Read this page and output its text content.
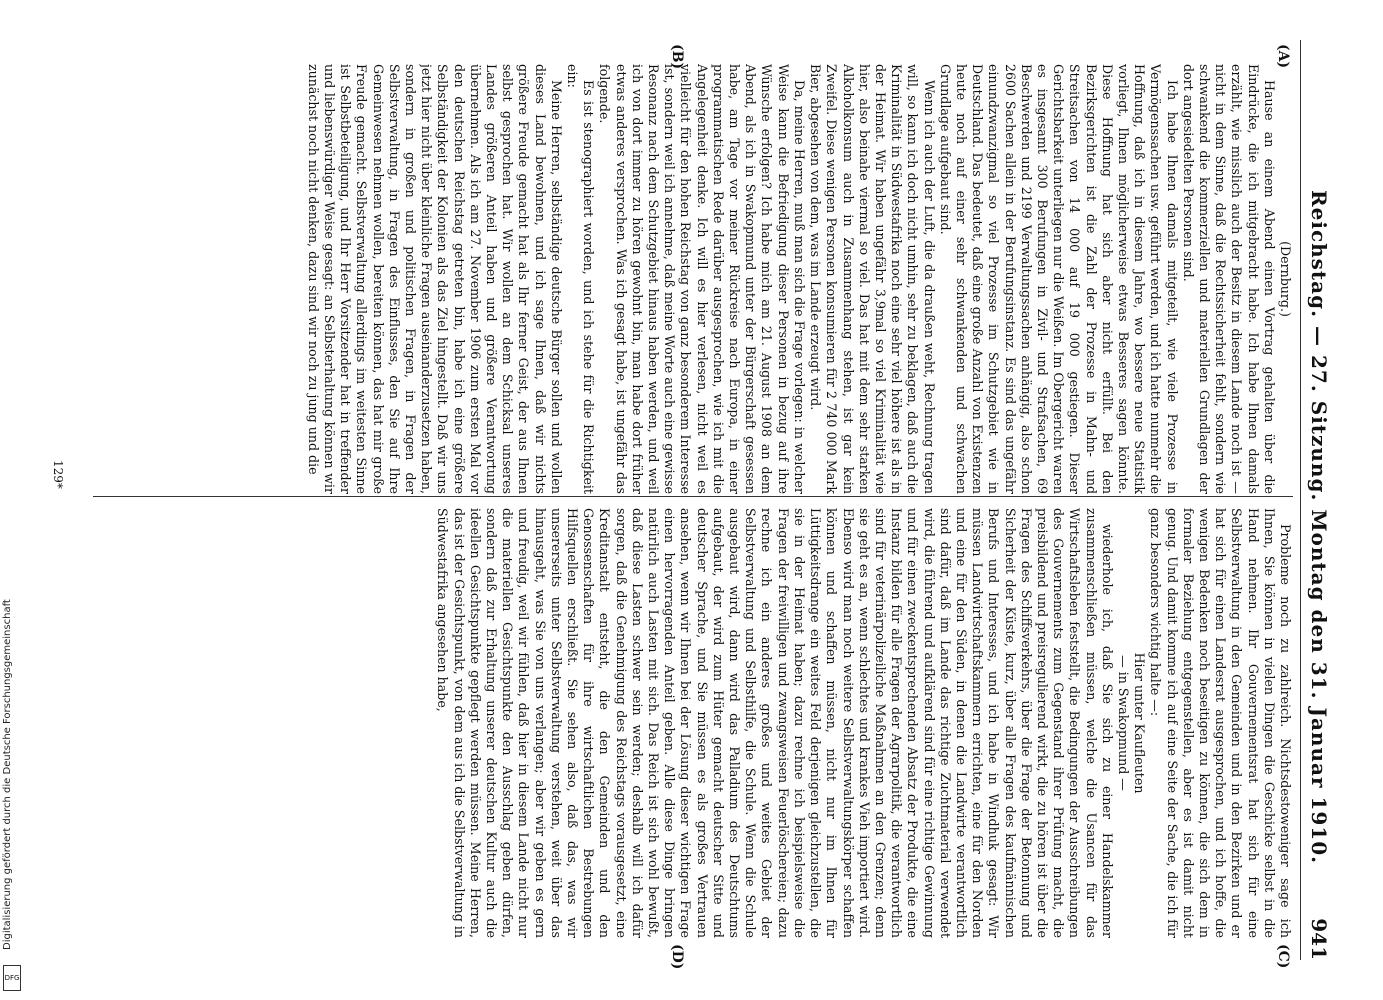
Digitalisierung gefördert durch die Deutsche Forschungsgemeinschaft
DFG
Reichstag. — 27. Sitzung. Montag den 31. Januar 1910.
941
(A)
(B)
(C)
(D)

(Dernburg.)

Hause an einem Abend einen Vortrag gehalten über die Eindrücke, die ich mitgebracht habe. Ich habe Ihnen damals erzählt, wie misslich auch der Besitz in diesem Lande noch ist — nicht in dem Sinne, daß die Rechtssicherheit fehlt, sondern wie schwankend die kommerziellen und materiellen Grundlagen der dort angesiedelten Personen sind.

Ich habe Ihnen damals mitgeteilt, wie viele Prozesse in Vermögenssachen usw. geführt werden, und ich hatte nunmehr die Hoffnung, daß ich in diesem Jahre, wo bessere neue Statistik vorliegt, Ihnen möglicherweise etwas Besseres sagen könnte. Diese Hoffnung hat sich aber nicht erfüllt. Bei den Bezirksgerichten ist die Zahl der Prozesse in Mahn- und Streitsachen von 14 000 auf 19 000 gestiegen. Dieser Gerichtsbarkeit unterliegen nur die Weißen. Im Obergericht waren es insgesamt 300 Berufungen in Zivil- und Strafsachen, 69 Beschwerden und 2199 Verwaltungssachen anhängig, also schon 2600 Sachen allein in der Berufungsinstanz. Es sind das ungefähr einundzwanzigmal so viel Prozesse im Schutzgebiet wie in Deutschland. Das bedeutet, daß eine große Anzahl von Existenzen heute noch auf einer sehr schwankenden und schwachen Grundlage aufgebaut sind.

Wenn ich auch der Luft, die da draußen weht, Rechnung tragen will, so kann ich doch nicht umhin, sehr zu beklagen, daß auch die Kriminalität in Südwestafrika noch eine sehr viel höhere ist als in der Heimat. Wir haben ungefähr 3,9mal so viel Kriminalität wie hier, also beinahe viermal so viel. Das hat mit dem sehr starken Alkoholkonsum auch in Zusammenhang stehen, ist gar kein Zweifel. Diese wenigen Personen konsumieren für 2 740 000 Mark Bier, abgesehen von dem, was im Lande erzeugt wird.

Da, meine Herren, muß man sich die Frage vorlegen: in welcher Weise kann die Befriedigung dieser Personen in bezug auf ihre Wünsche erfolgen? Ich habe mich am 21. August 1908 an dem Abend, als ich in Swakopmund unter der Bürgerschaft gesessen habe, am Tage vor meiner Rückreise nach Europa, in einer programmatischen Rede darüber ausgesprochen, wie ich mit die Angelegenheit denke. Ich will es hier verlesen, nicht weil es vielleicht für den hohen Reichstag von ganz besonderem Interesse ist, sondern weil ich annehme, daß meine Worte auch eine gewisse Resonanz nach dem Schutzgebiet hinaus haben werden, und weil ich von dort immer zu hören gewohnt bin, man habe dort früher etwas anderes versprochen. Was ich gesagt habe, ist ungefähr das folgende.

Es ist stenographiert worden, und ich stehe für die Richtigkeit ein:

Meine Herren, selbständige deutsche Bürger sollen und wollen dieses Land bewohnen, und ich sage Ihnen, daß wir nichts größere Freude gemacht hat als Ihr ferner Geist, der aus Ihnen selbst gesprochen hat. Wir wollen an dem Schicksal unseres Landes größeren Anteil haben und größere Verantwortung übernehmen. Als ich am 27. November 1906 zum ersten Mal vor den deutschen Reichstag getreten bin, habe ich eine größere Selbständigkeit der Kolonien als das Ziel hingestellt. Daß wir uns jetzt hier nicht über kleinliche Fragen auseinanderzusetzen haben, sondern in großen und politischen Fragen, in Fragen der Selbstverwaltung, in Fragen des Einflusses, den Sie auf Ihre Gemeinwesen nehmen wollen, bereiten können, das hat mir große Freude gemacht. Selbstverwaltung allerdings im weitesten Sinne ist Selbstbeteiligung, und Ihr Herr Vorsitzender hat in treffender und liebenswürdiger Weise gesagt: an Selbsterhaltung können wir zunächst noch nicht denken, dazu sind wir noch zu jung und die

Probleme noch zu zahlreich. Nichtsdestoweniger sage ich Ihnen, Sie können in vielen Dingen die Geschicke selbst in die Hand nehmen. Ihr Gouvernementsrat hat sich für eine Selbstverwaltung in den Gemeinden und in den Bezirken und er hat sich für einen Landesrat ausgesprochen, und ich hoffe, die wenigen Bedenken noch beseitigen zu können, die sich dem in formaler Beziehung entgegenstellen, aber es ist damit nicht genug. Und damit komme ich auf eine Seite der Sache, die ich für ganz besonders wichtig halte —:

Hier unter Kaufleuten

— in Swakopmund —

wiederhole ich, daß Sie sich zu einer Handelskammer zusammenschließen müssen, welche die Usancen für das Wirtschaftsleben feststellt, die Bedingungen der Ausschreibungen des Gouvernements zum Gegenstand ihrer Prüfung macht, die preisbildend und preisregulierend wirkt, die zu hören ist über die Fragen des Schiffsverkehrs, über die Frage der Betonnung und Sicherheit der Küste, kurz, über alle Fragen des kaufmännischen Berufs und Interesses, und ich habe in Windhuk gesagt: Wir müssen Landwirtschaftskammern errichten, eine für den Norden und eine für den Süden, in denen die Landwirte verantwortlich sind dafür, daß im Lande das richtige Zuchtmaterial verwendet wird, die führend und aufklärend sind für eine richtige Gewinnung und für einen zweckentsprechenden Absatz der Produkte, die eine Instanz bilden für alle Fragen der Agrarpolitik, die verantwortlich sind für veterinärpolizeiliche Maßnahmen an den Grenzen; denn sie geht es an, wenn schlechtes und krankes Vieh importiert wird. Ebenso wird man noch weitere Selbstverwaltungskörper schaffen können und schaffen müssen, nicht nur im Ihnen für Lüttigkeitsdrange ein weites Feld derjenigen gleichzustellen, die sie in der Heimat haben; dazu rechne ich beispielsweise die Fragen der freiwilligen und zwangsweisen Feuerlöschereien; dazu rechne ich ein anderes großes und weites Gebiet der Selbstverwaltung und Selbsthilfe, die Schule. Wenn die Schule ausgebaut wird, dann wird das Palladium des Deutschtums aufgebaut, der wird zum Hüter gemacht deutscher Sitte und deutscher Sprache, und Sie müssen es als großes Vertrauen ansehen, wenn wir Ihnen bei der Lösung dieser wichtigen Frage einen hervorragenden Anteil geben. Alle diese Dinge bringen natürlich auch Lasten mit sich. Das Reich ist sich wohl bewußt, daß diese Lasten schwer sein werden; deshalb will ich dafür sorgen, daß die Genehmigung des Reichstags vorausgesetzt, eine Kreditanstalt entsteht, die den Gemeinden und den Genossenschaften für ihre wirtschaftlichen Bestrebungen Hilfsquellen erschließt. Sie sehen also, daß das, was wir unsererseits unter Selbstverwaltung verstehen, weit über das hinausgeht, was Sie von uns verlangen; aber wir geben es gern und freudig, weil wir fühlen, daß hier in diesem Lande nicht nur die materiellen Gesichtspunkte den Ausschlag geben dürfen, sondern daß zur Erhaltung unserer deutschen Kultur auch die ideellen Gesichtspunkte gepflegt werden müssen. Meine Herren, das ist der Gesichtspunkt, von dem aus ich die Selbstverwaltung in Südwestafrika angesehen habe,

129*
